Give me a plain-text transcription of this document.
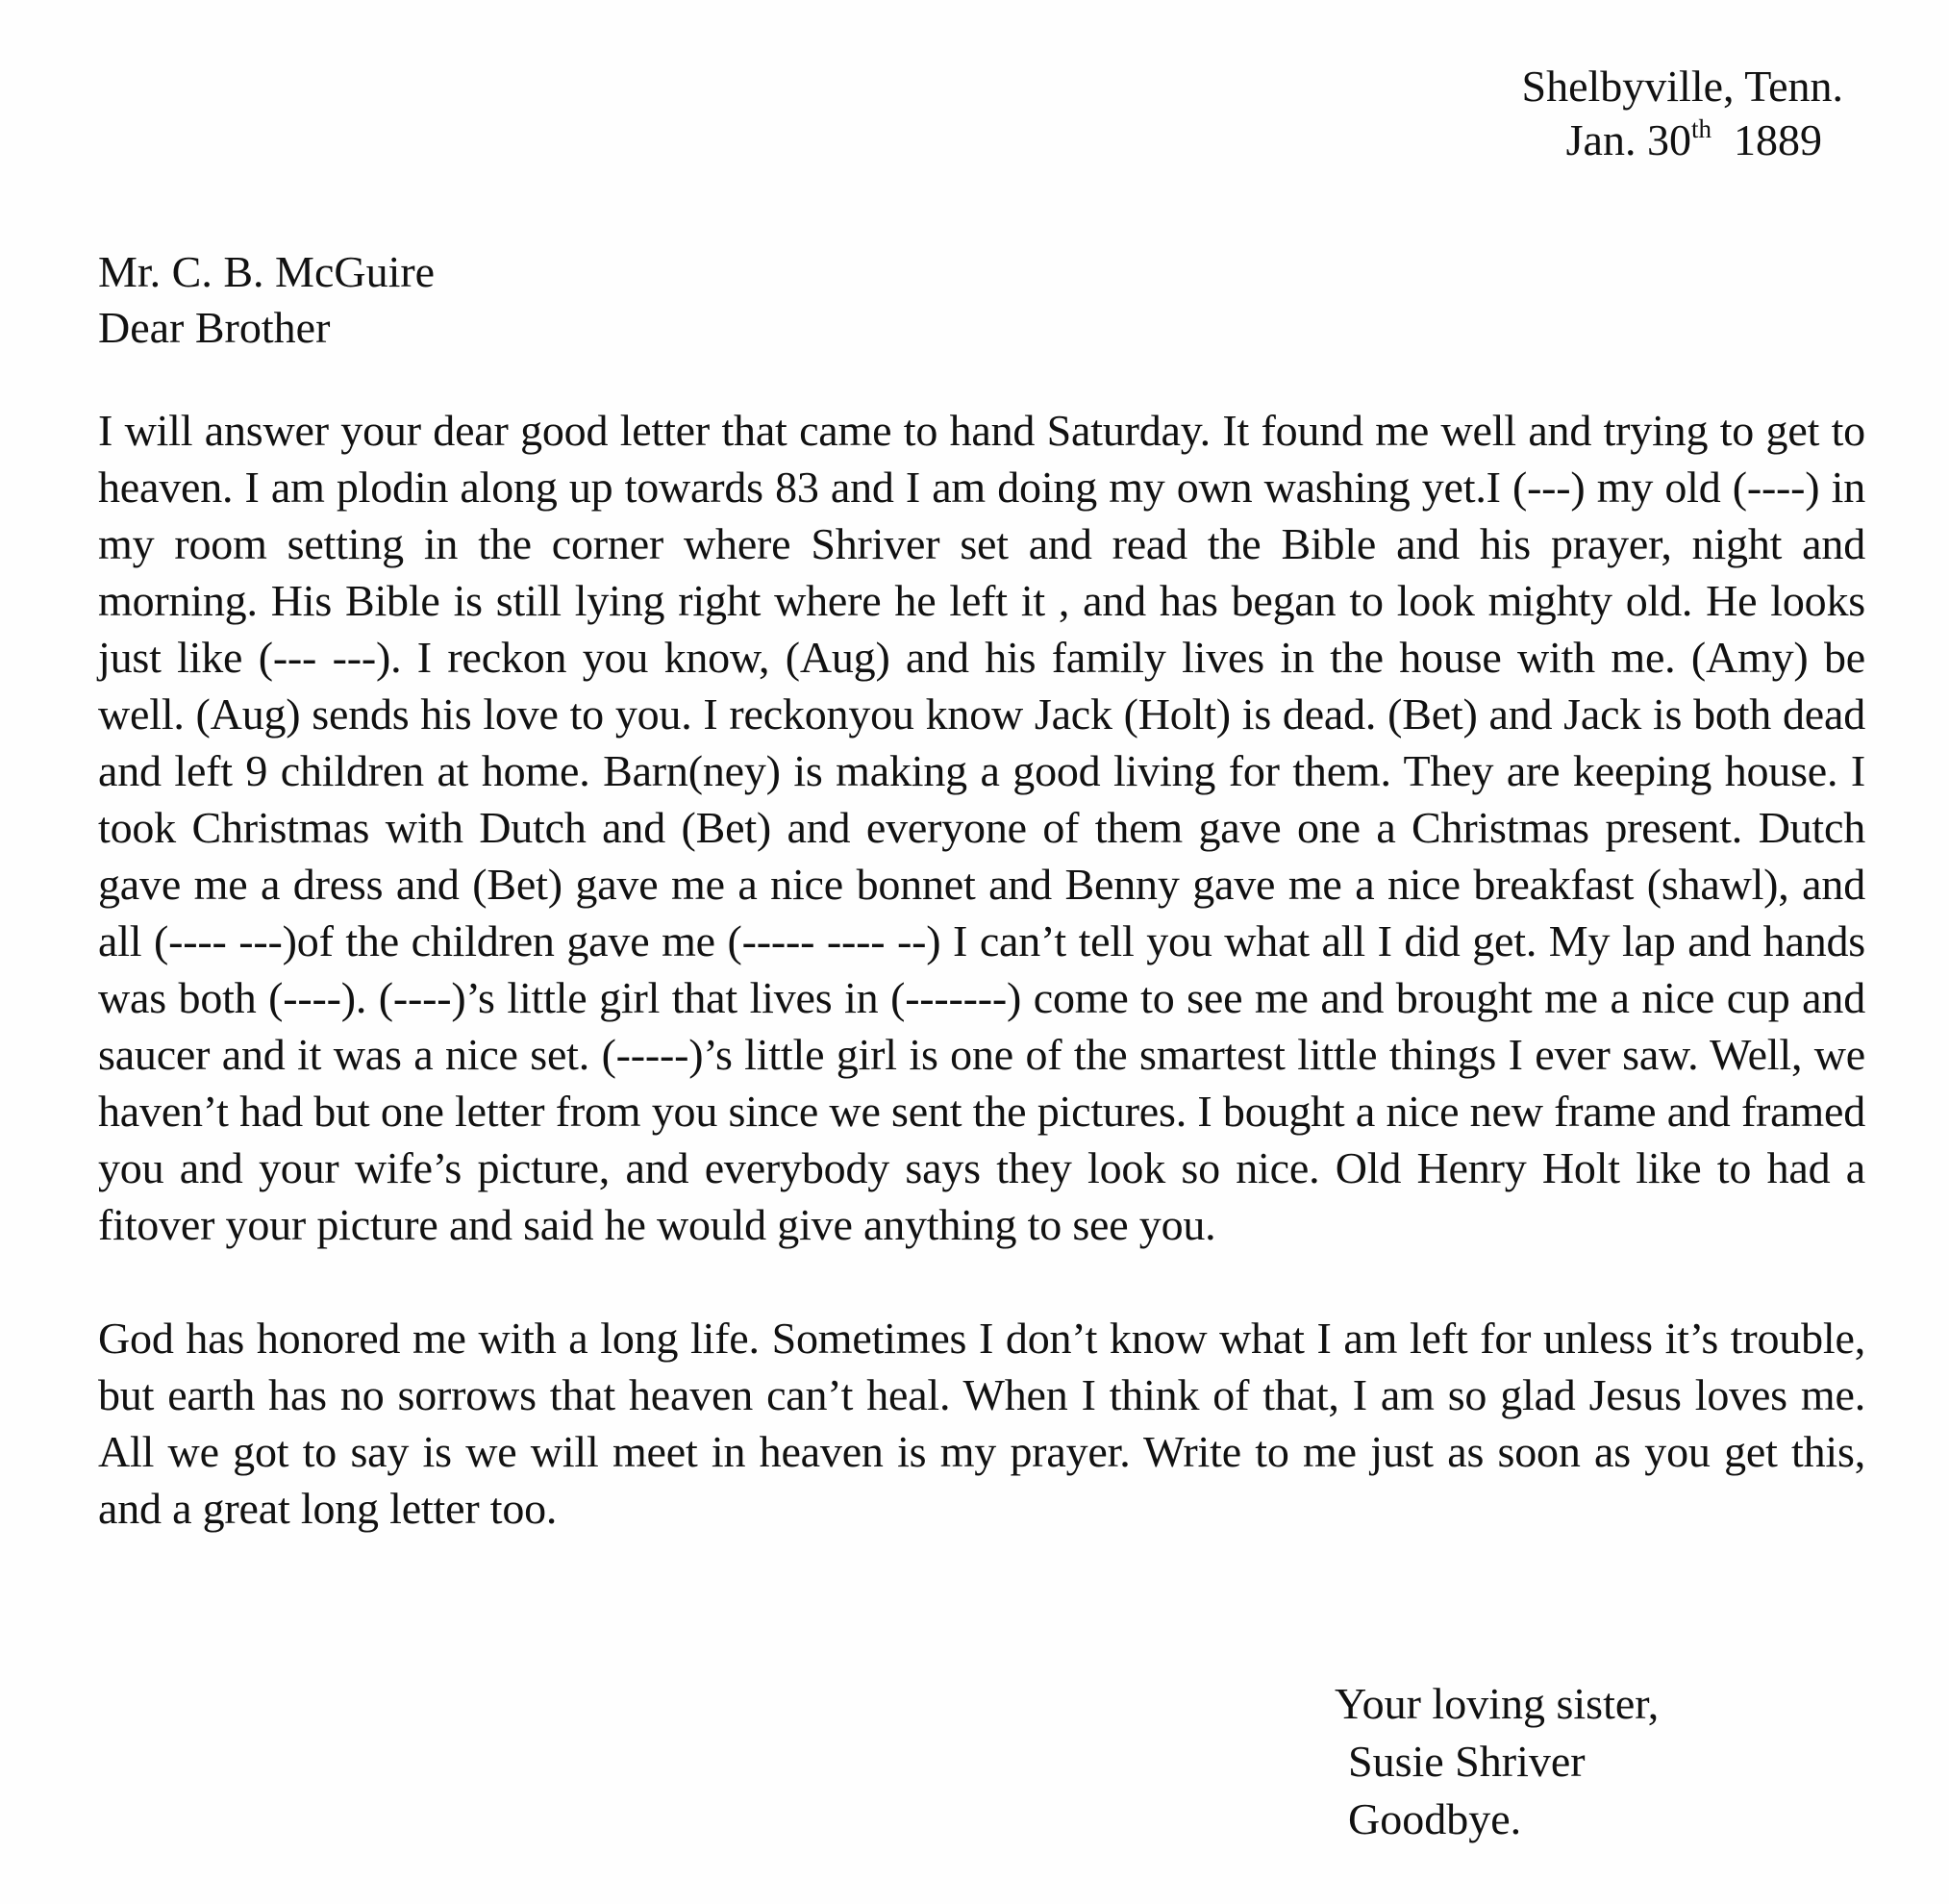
Shelbyville, Tenn.
Jan. 30th 1889
Mr. C. B. McGuire
Dear Brother
I will answer your dear good letter that came to hand Saturday. It found me well and trying to get to heaven. I am plodin along up towards 83 and I am doing my own washing yet.I (---) my old (----) in my room setting in the corner where Shriver set and read the Bible and his prayer, night and morning. His Bible is still lying right where he left it , and has began to look mighty old. He looks just like (--- ---). I reckon you know, (Aug) and his family lives in the house with me. (Amy) be well. (Aug) sends his love to you. I reckonyou know Jack (Holt) is dead. (Bet) and Jack is both dead and left 9 children at home. Barn(ney) is making a good living for them. They are keeping house. I took Christmas with Dutch and (Bet) and everyone of them gave one a Christmas present. Dutch gave me a dress and (Bet) gave me a nice bonnet and Benny gave me a nice breakfast (shawl), and all (---- ---)of the children gave me (----- ---- --) I can’t tell you what all I did get. My lap and hands was both (----). (----)’s little girl that lives in (-------) come to see me and brought me a nice cup and saucer and it was a nice set. (-----)’s little girl is one of the smartest little things I ever saw. Well, we haven’t had but one letter from you since we sent the pictures. I bought a nice new frame and framed you and your wife’s picture, and everybody says they look so nice. Old Henry Holt like to had a fitover your picture and said he would give anything to see you.
God has honored me with a long life. Sometimes I don’t know what I am left for unless it’s trouble, but earth has no sorrows that heaven can’t heal. When I think of that, I am so glad Jesus loves me. All we got to say is we will meet in heaven is my prayer. Write to me just as soon as you get this, and a great long letter too.
Your loving sister,
Susie Shriver
Goodbye.
